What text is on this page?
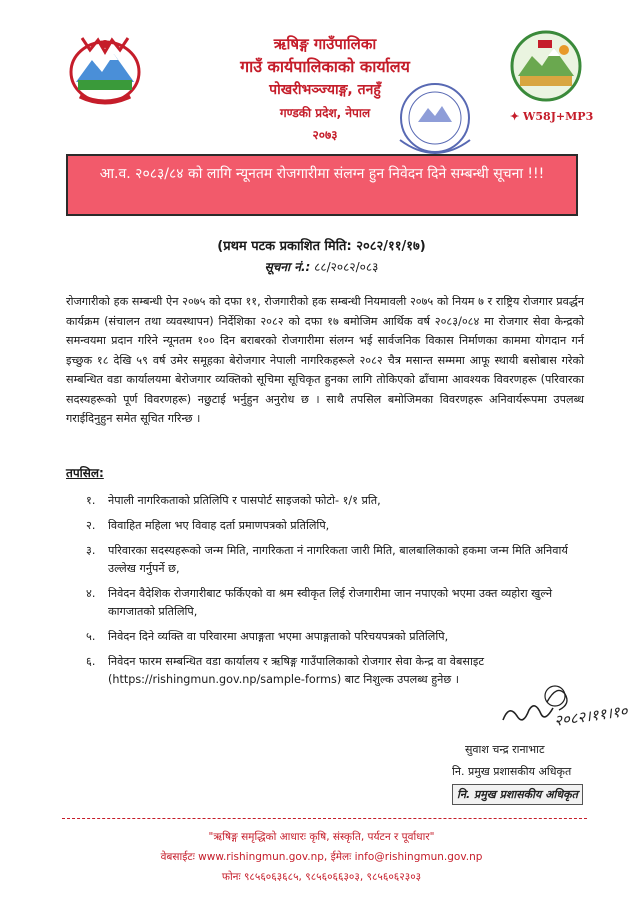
ऋषिङ्ग गाउँपालिका
गाउँ कार्यपालिकाको कार्यालय
पोखरीभञ्ज्याङ्ग, तनहुँ
गण्डकी प्रदेश, नेपाल
२०७३
✦ W58J+MP3
आ.व. २०८३/८४ को लागि न्यूनतम रोजगारीमा संलग्न हुन निवेदन दिने सम्बन्धी सूचना !!!
(प्रथम पटक प्रकाशित मिति: २०८२/११/१७)
सूचना नं.: ८८/२०८२/०८३

रोजगारीको हक सम्बन्धी ऐन २०७५ को दफा ११, रोजगारीको हक सम्बन्धी नियमावली २०७५ को नियम ७ र राष्ट्रिय रोजगार प्रवर्द्धन कार्यक्रम (संचालन तथा व्यवस्थापन) निर्देशिका २०८२ को दफा १७ बमोजिम आर्थिक वर्ष २०८३/०८४ मा रोजगार सेवा केन्द्रको समन्वयमा प्रदान गरिने न्यूनतम १०० दिन बराबरको रोजगारीमा संलग्न भई सार्वजनिक विकास निर्माणका काममा योगदान गर्न इच्छुक १८ देखि ५९ वर्ष उमेर समूहका बेरोजगार नेपाली नागरिकहरूले २०८२ चैत्र मसान्त सम्ममा आफू स्थायी बसोबास गरेको सम्बन्धित वडा कार्यालयमा बेरोजगार व्यक्तिको सूचिमा सूचिकृत हुनका लागि तोकिएको ढाँचामा आवश्यक विवरणहरू (परिवारका सदस्यहरूको पूर्ण विवरणहरू) नछुटाई भर्नुहुन अनुरोध छ । साथै तपसिल बमोजिमका विवरणहरू अनिवार्यरूपमा उपलब्ध गराईदिनुहुन समेत सूचित गरिन्छ ।

तपसिल:
१. नेपाली नागरिकताको प्रतिलिपि र पासपोर्ट साइजको फोटो- १/१ प्रति,
२. विवाहित महिला भए विवाह दर्ता प्रमाणपत्रको प्रतिलिपि,
३. परिवारका सदस्यहरूको जन्म मिति, नागरिकता नं नागरिकता जारी मिति, बालबालिकाको हकमा जन्म मिति अनिवार्य उल्लेख गर्नुपर्ने छ,
४. निवेदन वैदेशिक रोजगारीबाट फर्किएको वा श्रम स्वीकृत लिई रोजगारीमा जान नपाएको भएमा उक्त व्यहोरा खुल्ने कागजातको प्रतिलिपि,
५. निवेदन दिने व्यक्ति वा परिवारमा अपाङ्गता भएमा अपाङ्गताको परिचयपत्रको प्रतिलिपि,
६. निवेदन फारम सम्बन्धित वडा कार्यालय र ऋषिङ्ग गाउँपालिकाको रोजगार सेवा केन्द्र वा वेबसाइट (https://rishingmun.gov.np/sample-forms) बाट निशुल्क उपलब्ध हुनेछ ।
२०८२।११।१०
सुवाश चन्द्र रानाभाट
नि. प्रमुख प्रशासकीय अधिकृत
नि. प्रमुख प्रशासकीय अधिकृत
"ऋषिङ्ग समृद्धिको आधारः कृषि, संस्कृति, पर्यटन र पूर्वाधार"
वेबसाईटः www.rishingmun.gov.np, ईमेलः info@rishingmun.gov.np
फोनः ९८५६०६३६८५, ९८५६०६६३०३, ९८५६०६२३०३
